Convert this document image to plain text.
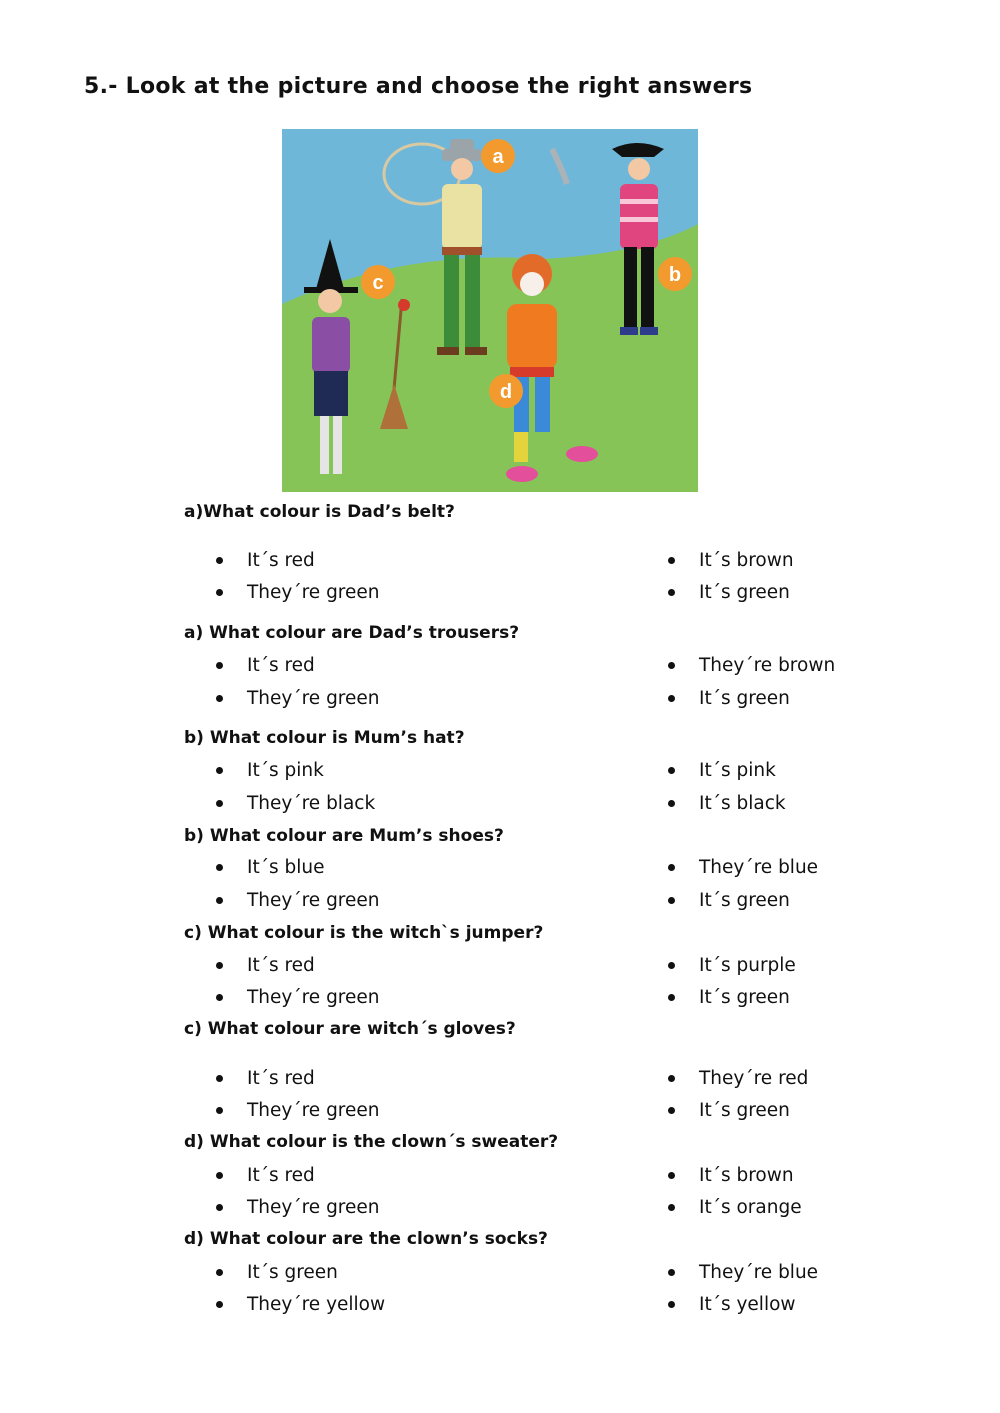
5.- Look at the picture and choose the right answers
a
b
c
d
a)What colour is Dad’s belt?
It´s red	It´s brown
They´re green	It´s green
a) What colour are Dad’s trousers?
It´s red	They´re brown
They´re green	It´s green
b) What colour is Mum’s hat?
It´s pink	It´s pink
They´re black	It´s black
b) What colour are Mum’s shoes?
It´s blue	They´re blue
They´re green	It´s green
c) What colour is the witch`s jumper?
It´s red	It´s purple
They´re green	It´s green
c) What colour are witch´s gloves?
It´s red	They´re red
They´re green	It´s green
d) What colour is the clown´s sweater?
It´s red	It´s brown
They´re green	It´s orange
d) What colour are the clown’s socks?
It´s green	They´re blue
They´re yellow	It´s yellow
